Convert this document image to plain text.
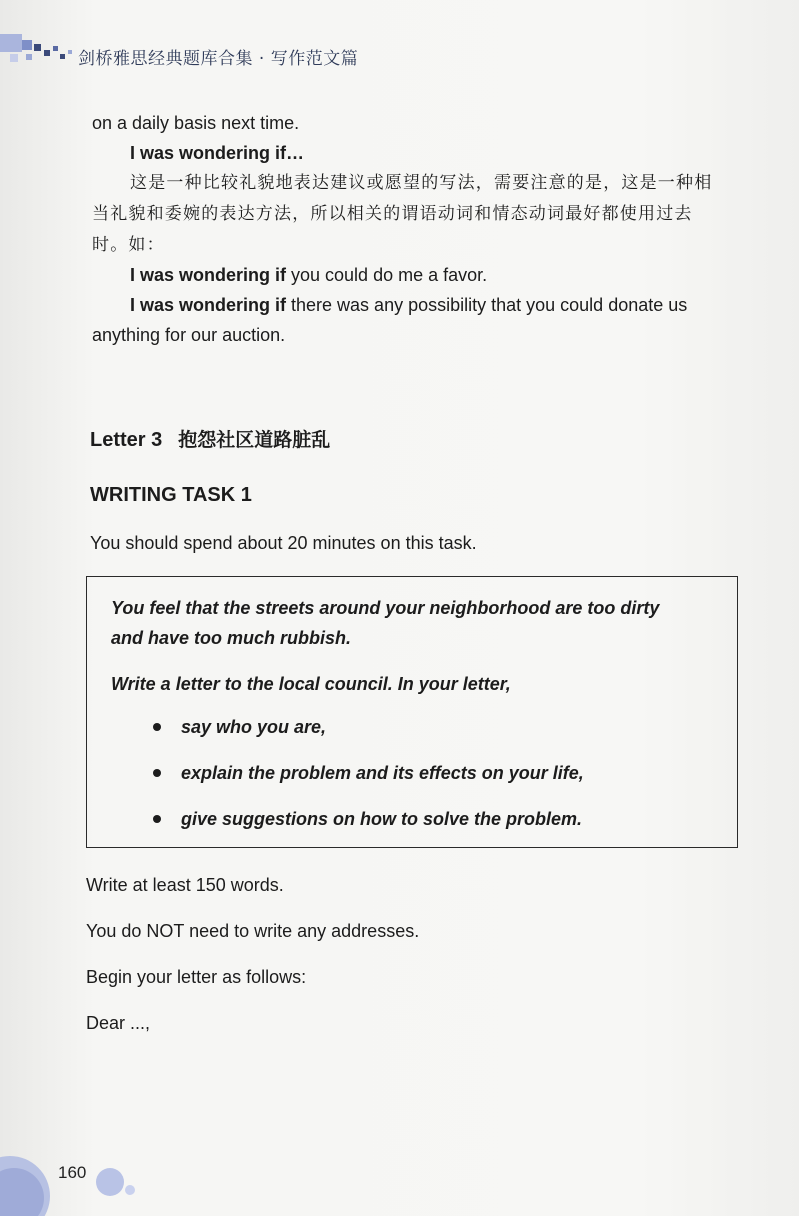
剑桥雅思经典题库合集 · 写作范文篇
on a daily basis next time.
I was wondering if…
这是一种比较礼貌地表达建议或愿望的写法，需要注意的是，这是一种相
当礼貌和委婉的表达方法，所以相关的谓语动词和情态动词最好都使用过去
时。如：
I was wondering if you could do me a favor.
I was wondering if there was any possibility that you could donate us
anything for our auction.
Letter 3 抱怨社区道路脏乱
WRITING TASK 1
You should spend about 20 minutes on this task.
You feel that the streets around your neighborhood are too dirty
and have too much rubbish.
Write a letter to the local council. In your letter,
say who you are,
explain the problem and its effects on your life,
give suggestions on how to solve the problem.
Write at least 150 words.
You do NOT need to write any addresses.
Begin your letter as follows:
Dear ...,
160
